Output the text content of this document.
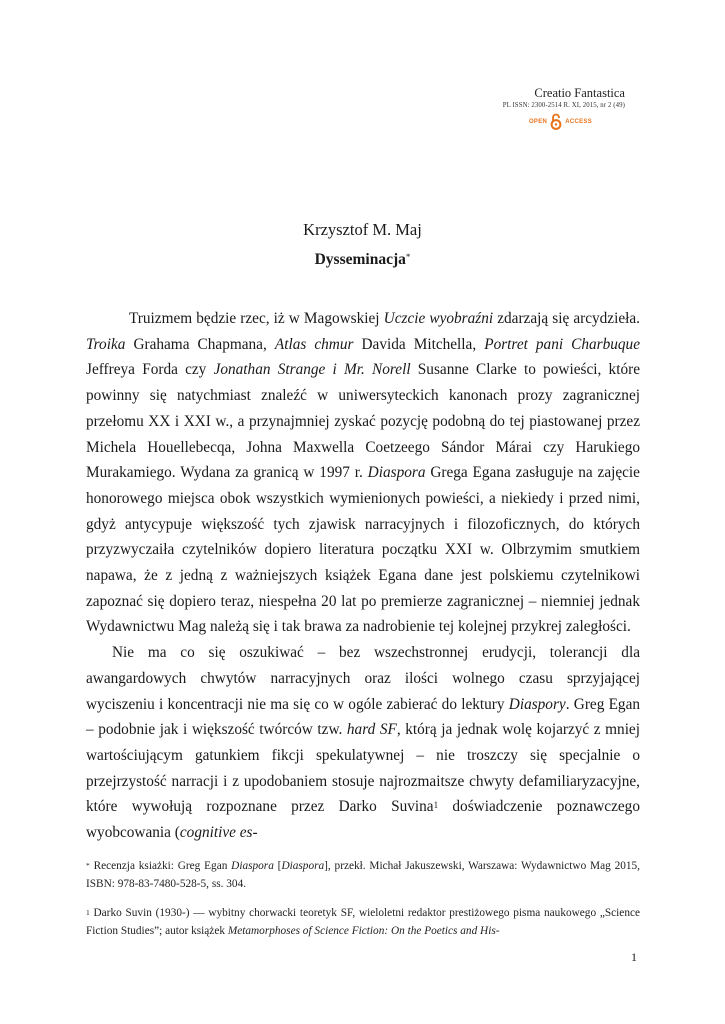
Creatio Fantastica
PL ISSN: 2300-2514 R. XI, 2015, nr 2 (49)
OPEN	ACCESS
Krzysztof M. Maj
Dysseminacja*

Truizmem będzie rzec, iż w Magowskiej Uczcie wyobraźni zdarzają się arcydzieła. Troika Grahama Chapmana, Atlas chmur Davida Mitchella, Portret pani Charbuque Jeffreya Forda czy Jonathan Strange i Mr. Norell Susanne Clarke to powieści, które powinny się natychmiast znaleźć w uniwersyteckich kanonach prozy zagranicznej przełomu XX i XXI w., a przynajmniej zyskać pozycję podobną do tej piastowanej przez Michela Houellebecqa, Johna Maxwella Coetzeego Sándor Márai czy Harukiego Murakamiego. Wydana za granicą w 1997 r. Diaspora Grega Egana zasługuje na zajęcie honorowego miejsca obok wszystkich wymienionych powieści, a niekiedy i przed nimi, gdyż antycypuje większość tych zjawisk narracyjnych i filozoficznych, do których przyzwyczaiła czytelników dopiero literatura początku XXI w. Olbrzymim smutkiem napawa, że z jedną z ważniejszych książek Egana dane jest polskiemu czytelnikowi zapoznać się dopiero teraz, niespełna 20 lat po premierze zagranicznej – niemniej jednak Wydawnictwu Mag należą się i tak brawa za nadrobienie tej kolejnej przykrej zaległości.

Nie ma co się oszukiwać – bez wszechstronnej erudycji, tolerancji dla awangardowych chwytów narracyjnych oraz ilości wolnego czasu sprzyjającej wyciszeniu i koncentracji nie ma się co w ogóle zabierać do lektury Diaspory. Greg Egan – podobnie jak i większość twórców tzw. hard SF, którą ja jednak wolę kojarzyć z mniej wartościującym gatunkiem fikcji spekulatywnej – nie troszczy się specjalnie o przejrzystość narracji i z upodobaniem stosuje najrozmaitsze chwyty defamiliaryzacyjne, które wywołują rozpoznane przez Darko Suvina$^1$ doświadczenie poznawczego wyobcowania (cognitive es-

* Recenzja ksiażki: Greg Egan Diaspora [Diaspora], przekł. Michał Jakuszewski, Warszawa: Wydawnictwo Mag 2015, ISBN: 978-83-7480-528-5, ss. 304.

$^1$ Darko Suvin (1930-) — wybitny chorwacki teoretyk SF, wieloletni redaktor prestiżowego pisma naukowego „Science Fiction Studies”; autor książek Metamorphoses of Science Fiction: On the Poetics and His-

1
